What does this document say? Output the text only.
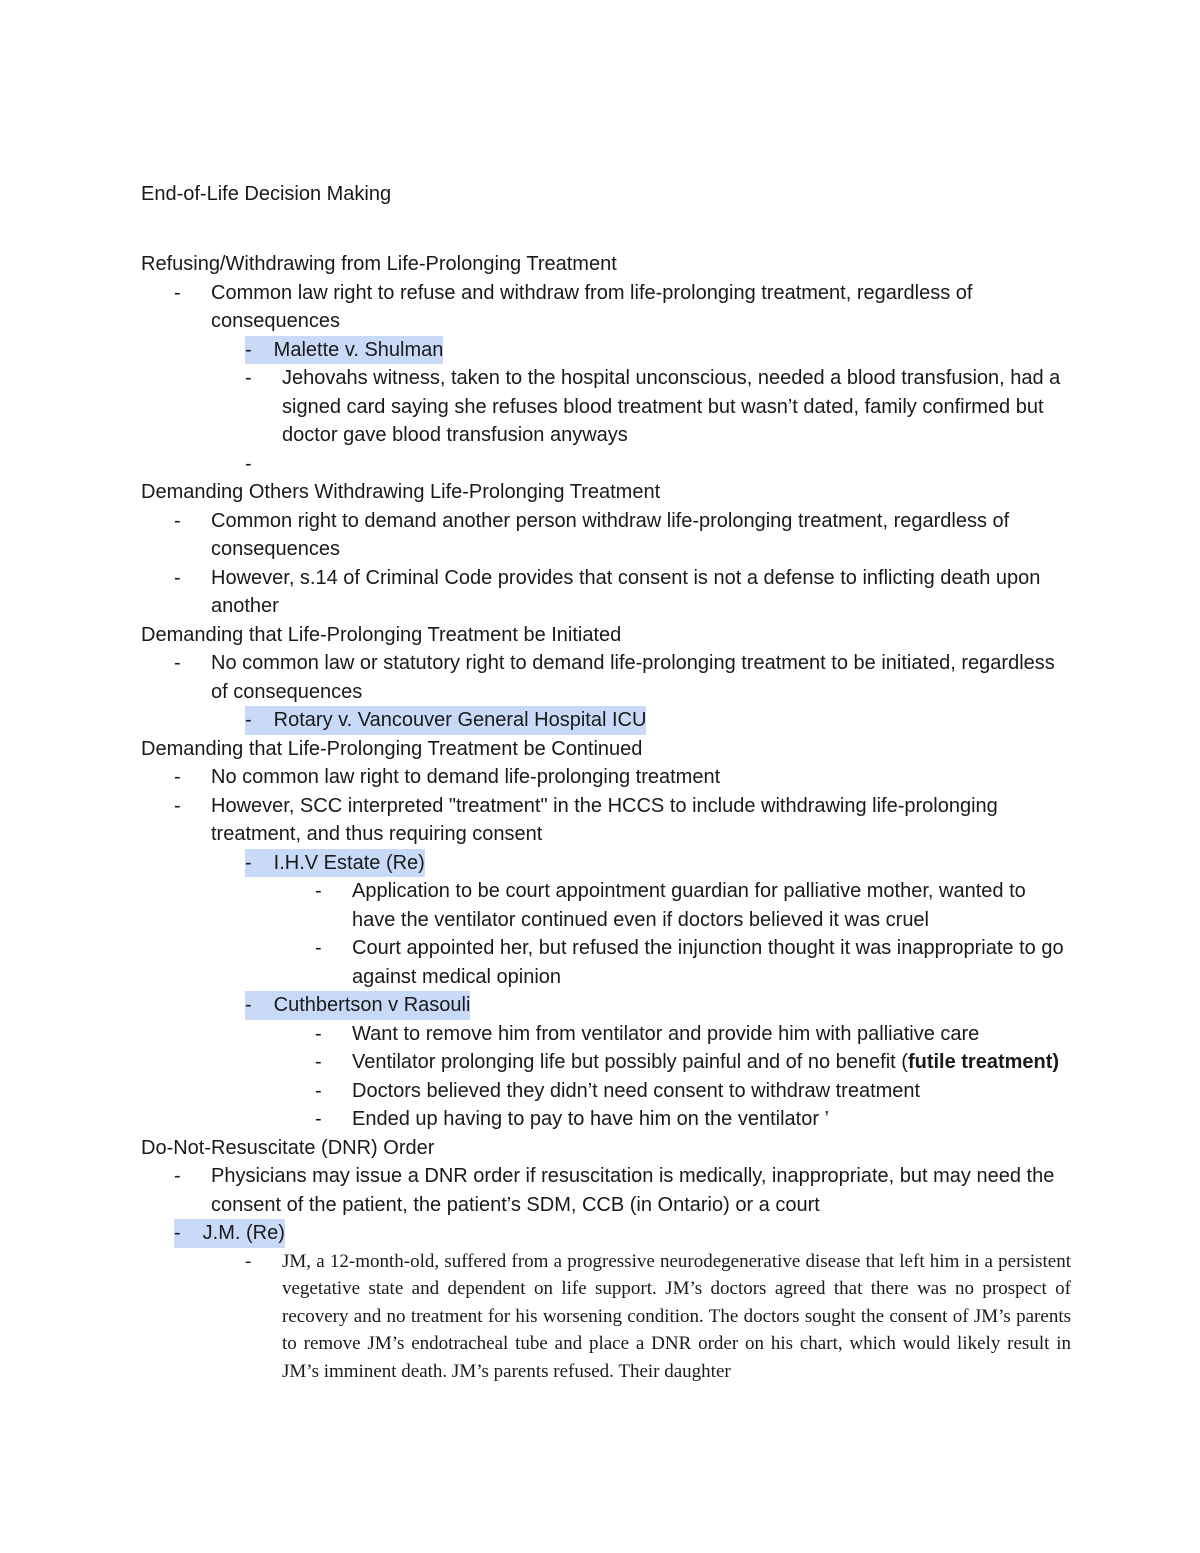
End-of-Life Decision Making
Refusing/Withdrawing from Life-Prolonging Treatment
- Common law right to refuse and withdraw from life-prolonging treatment, regardless of consequences
- Malette v. Shulman
- Jehovahs witness, taken to the hospital unconscious, needed a blood transfusion, had a signed card saying she refuses blood treatment but wasn’t dated, family confirmed but doctor gave blood transfusion anyways
-
Demanding Others Withdrawing Life-Prolonging Treatment
- Common right to demand another person withdraw life-prolonging treatment, regardless of consequences
- However, s.14 of Criminal Code provides that consent is not a defense to inflicting death upon another
Demanding that Life-Prolonging Treatment be Initiated
- No common law or statutory right to demand life-prolonging treatment to be initiated, regardless of consequences
- Rotary v. Vancouver General Hospital ICU
Demanding that Life-Prolonging Treatment be Continued
- No common law right to demand life-prolonging treatment
- However, SCC interpreted "treatment" in the HCCS to include withdrawing life-prolonging treatment, and thus requiring consent
- I.H.V Estate (Re)
- Application to be court appointment guardian for palliative mother, wanted to have the ventilator continued even if doctors believed it was cruel
- Court appointed her, but refused the injunction thought it was inappropriate to go against medical opinion
- Cuthbertson v Rasouli
- Want to remove him from ventilator and provide him with palliative care
- Ventilator prolonging life but possibly painful and of no benefit (futile treatment)
- Doctors believed they didn’t need consent to withdraw treatment
- Ended up having to pay to have him on the ventilator ’
Do-Not-Resuscitate (DNR) Order
- Physicians may issue a DNR order if resuscitation is medically, inappropriate, but may need the consent of the patient, the patient’s SDM, CCB (in Ontario) or a court
- J.M. (Re)
- JM, a 12-month-old, suffered from a progressive neurodegenerative disease that left him in a persistent vegetative state and dependent on life support. JM’s doctors agreed that there was no prospect of recovery and no treatment for his worsening condition. The doctors sought the consent of JM’s parents to remove JM’s endotracheal tube and place a DNR order on his chart, which would likely result in JM’s imminent death. JM’s parents refused. Their daughter
